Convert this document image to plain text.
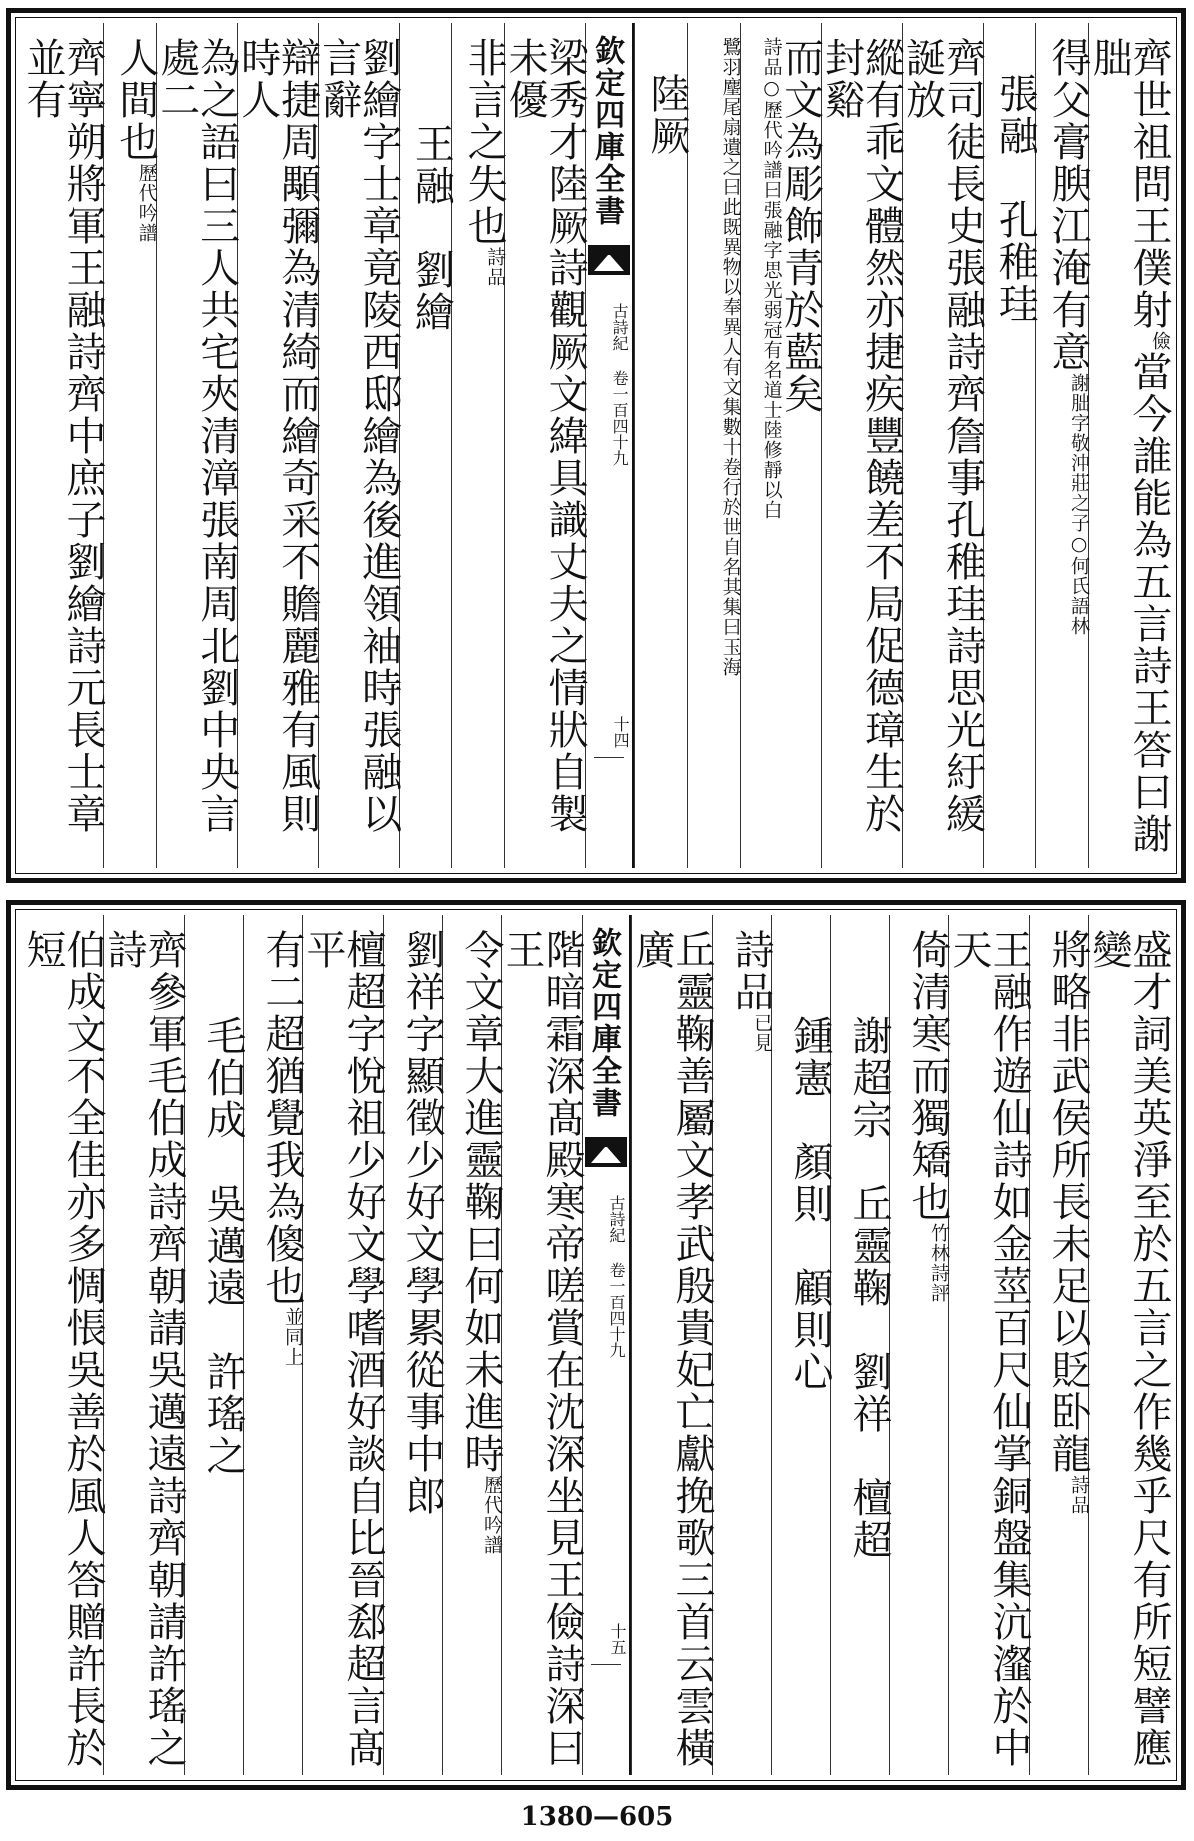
齊世祖問王僕射儉當今誰能為五言詩王答曰謝朏
得父膏腴江淹有意謝朏字敬沖莊之子○何氏語林
張融　孔稚珪
齊司徒長史張融詩齊詹事孔稚珪詩思光紆緩誕放
縱有乖文體然亦捷疾豐饒差不局促德璋生於封谿
而文為彫飾青於藍矣詩品○歷代吟譜曰張融字思光弱冠有名道士陸修靜以白
鷺羽麈尾扇遺之曰此既異物以奉異人有文集數十卷行於世自名其集曰玉海
陸厥
欽定四庫全書
古詩紀 卷一百四十九
十四
梁秀才陸厥詩觀厥文緯具識丈夫之情狀自製未優
非言之失也詩品
王融　劉繪
劉繪字士章竟陵西邸繪為後進領袖時張融以言辭
辯捷周顒彌為清綺而繪奇采不贍麗雅有風則時人
為之語曰三人共宅夾清漳張南周北劉中央言處二
人間也歷代吟譜
齊寧朔將軍王融詩齊中庶子劉繪詩元長士章並有
盛才詞美英淨至於五言之作幾乎尺有所短譬應變
將略非武侯所長未足以貶卧龍詩品
王融作遊仙詩如金莖百尺仙掌銅盤集沆瀣於中天
倚清寒而獨矯也竹林詩評
謝超宗　丘靈鞠　劉祥　檀超
鍾憲　顏則　顧則心
詩品已見
丘靈鞠善屬文孝武殷貴妃亡獻挽歌三首云雲橫廣
欽定四庫全書
古詩紀 卷一百四十九
十五
階暗霜深髙殿寒帝嗟賞在沈深坐見王儉詩深曰王
令文章大進靈鞠曰何如未進時歷代吟譜
劉祥字顯徵少好文學累從事中郎
檀超字悅祖少好文學嗜酒好談自比晉郄超言髙平
有二超猶覺我為傻也並同上
毛伯成　吳邁遠　許瑤之
齊參軍毛伯成詩齊朝請吳邁遠詩齊朝請許瑤之詩
伯成文不全佳亦多惆悵吳善於風人答贈許長於短
1380—605
